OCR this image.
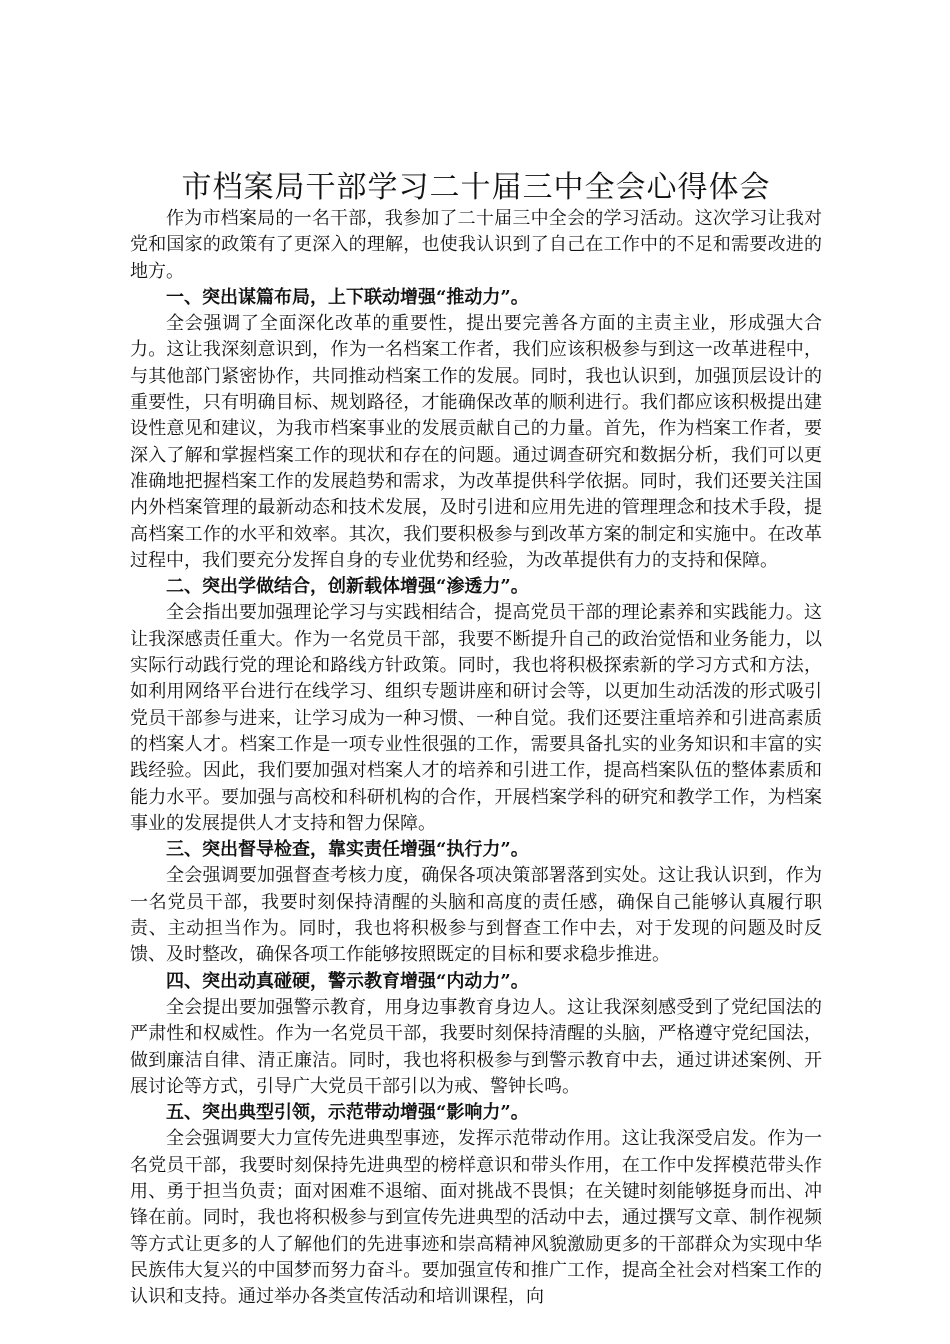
市档案局干部学习二十届三中全会心得体会

作为市档案局的一名干部，我参加了二十届三中全会的学习活动。这次学习让我对党和国家的政策有了更深入的理解，也使我认识到了自己在工作中的不足和需要改进的地方。

一、突出谋篇布局，上下联动增强“推动力”。

全会强调了全面深化改革的重要性，提出要完善各方面的主责主业，形成强大合力。这让我深刻意识到，作为一名档案工作者，我们应该积极参与到这一改革进程中，与其他部门紧密协作，共同推动档案工作的发展。同时，我也认识到，加强顶层设计的重要性，只有明确目标、规划路径，才能确保改革的顺利进行。我们都应该积极提出建设性意见和建议，为我市档案事业的发展贡献自己的力量。首先，作为档案工作者，要深入了解和掌握档案工作的现状和存在的问题。通过调查研究和数据分析，我们可以更准确地把握档案工作的发展趋势和需求，为改革提供科学依据。同时，我们还要关注国内外档案管理的最新动态和技术发展，及时引进和应用先进的管理理念和技术手段，提高档案工作的水平和效率。其次，我们要积极参与到改革方案的制定和实施中。在改革过程中，我们要充分发挥自身的专业优势和经验，为改革提供有力的支持和保障。

二、突出学做结合，创新载体增强“渗透力”。

全会指出要加强理论学习与实践相结合，提高党员干部的理论素养和实践能力。这让我深感责任重大。作为一名党员干部，我要不断提升自己的政治觉悟和业务能力，以实际行动践行党的理论和路线方针政策。同时，我也将积极探索新的学习方式和方法，如利用网络平台进行在线学习、组织专题讲座和研讨会等，以更加生动活泼的形式吸引党员干部参与进来，让学习成为一种习惯、一种自觉。我们还要注重培养和引进高素质的档案人才。档案工作是一项专业性很强的工作，需要具备扎实的业务知识和丰富的实践经验。因此，我们要加强对档案人才的培养和引进工作，提高档案队伍的整体素质和能力水平。要加强与高校和科研机构的合作，开展档案学科的研究和教学工作，为档案事业的发展提供人才支持和智力保障。

三、突出督导检查，靠实责任增强“执行力”。

全会强调要加强督查考核力度，确保各项决策部署落到实处。这让我认识到，作为一名党员干部，我要时刻保持清醒的头脑和高度的责任感，确保自己能够认真履行职责、主动担当作为。同时，我也将积极参与到督查工作中去，对于发现的问题及时反馈、及时整改，确保各项工作能够按照既定的目标和要求稳步推进。

四、突出动真碰硬，警示教育增强“内动力”。

全会提出要加强警示教育，用身边事教育身边人。这让我深刻感受到了党纪国法的严肃性和权威性。作为一名党员干部，我要时刻保持清醒的头脑，严格遵守党纪国法，做到廉洁自律、清正廉洁。同时，我也将积极参与到警示教育中去，通过讲述案例、开展讨论等方式，引导广大党员干部引以为戒、警钟长鸣。

五、突出典型引领，示范带动增强“影响力”。

全会强调要大力宣传先进典型事迹，发挥示范带动作用。这让我深受启发。作为一名党员干部，我要时刻保持先进典型的榜样意识和带头作用，在工作中发挥模范带头作用、勇于担当负责；面对困难不退缩、面对挑战不畏惧；在关键时刻能够挺身而出、冲锋在前。同时，我也将积极参与到宣传先进典型的活动中去，通过撰写文章、制作视频等方式让更多的人了解他们的先进事迹和崇高精神风貌激励更多的干部群众为实现中华民族伟大复兴的中国梦而努力奋斗。要加强宣传和推广工作，提高全社会对档案工作的认识和支持。通过举办各类宣传活动和培训课程，向
